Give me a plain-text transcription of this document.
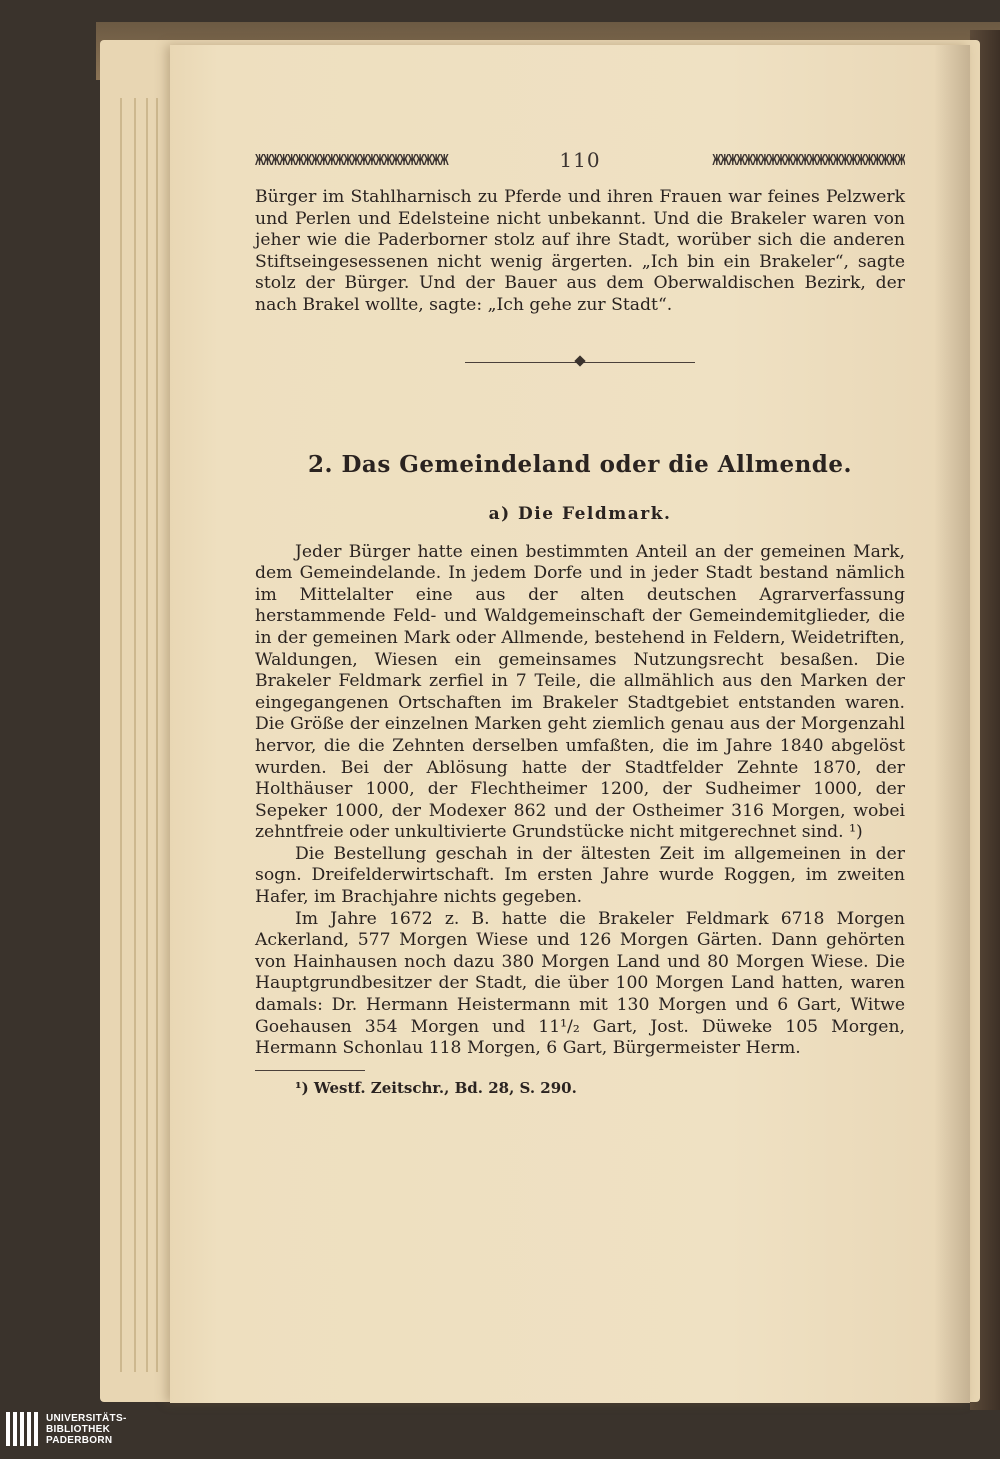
ЖЖЖЖЖЖЖЖЖЖЖЖЖЖЖЖЖЖЖЖЖЖЖЖ	110	ЖЖЖЖЖЖЖЖЖЖЖЖЖЖЖЖЖЖЖЖЖЖЖЖ

Bürger im Stahlharnisch zu Pferde und ihren Frauen war feines Pelzwerk und Perlen und Edelsteine nicht unbekannt. Und die Brakeler waren von jeher wie die Paderborner stolz auf ihre Stadt, worüber sich die anderen Stiftseingesessenen nicht wenig ärgerten. „Ich bin ein Brakeler“, sagte stolz der Bürger. Und der Bauer aus dem Oberwaldischen Bezirk, der nach Brakel wollte, sagte: „Ich gehe zur Stadt“.

2. Das Gemeindeland oder die Allmende.
a) Die Feldmark.

Jeder Bürger hatte einen bestimmten Anteil an der gemeinen Mark, dem Gemeindelande. In jedem Dorfe und in jeder Stadt bestand nämlich im Mittelalter eine aus der alten deutschen Agrarverfassung herstammende Feld- und Waldgemeinschaft der Gemeindemitglieder, die in der gemeinen Mark oder Allmende, bestehend in Feldern, Weidetriften, Waldungen, Wiesen ein gemeinsames Nutzungsrecht besaßen. Die Brakeler Feldmark zerfiel in 7 Teile, die allmählich aus den Marken der eingegangenen Ortschaften im Brakeler Stadtgebiet entstanden waren. Die Größe der einzelnen Marken geht ziemlich genau aus der Morgenzahl hervor, die die Zehnten derselben umfaßten, die im Jahre 1840 abgelöst wurden. Bei der Ablösung hatte der Stadtfelder Zehnte 1870, der Holthäuser 1000, der Flechtheimer 1200, der Sudheimer 1000, der Sepeker 1000, der Modexer 862 und der Ostheimer 316 Morgen, wobei zehntfreie oder unkultivierte Grundstücke nicht mitgerechnet sind. ¹)

Die Bestellung geschah in der ältesten Zeit im allgemeinen in der sogn. Dreifelderwirtschaft. Im ersten Jahre wurde Roggen, im zweiten Hafer, im Brachjahre nichts gegeben.

Im Jahre 1672 z. B. hatte die Brakeler Feldmark 6718 Morgen Ackerland, 577 Morgen Wiese und 126 Morgen Gärten. Dann gehörten von Hainhausen noch dazu 380 Morgen Land und 80 Morgen Wiese. Die Hauptgrundbesitzer der Stadt, die über 100 Morgen Land hatten, waren damals: Dr. Hermann Heistermann mit 130 Morgen und 6 Gart, Witwe Goehausen 354 Morgen und 11¹/₂ Gart, Jost. Düweke 105 Morgen, Hermann Schonlau 118 Morgen, 6 Gart, Bürgermeister Herm.

¹) Westf. Zeitschr., Bd. 28, S. 290.
UNIVERSITÄTS-
BIBLIOTHEK
PADERBORN
